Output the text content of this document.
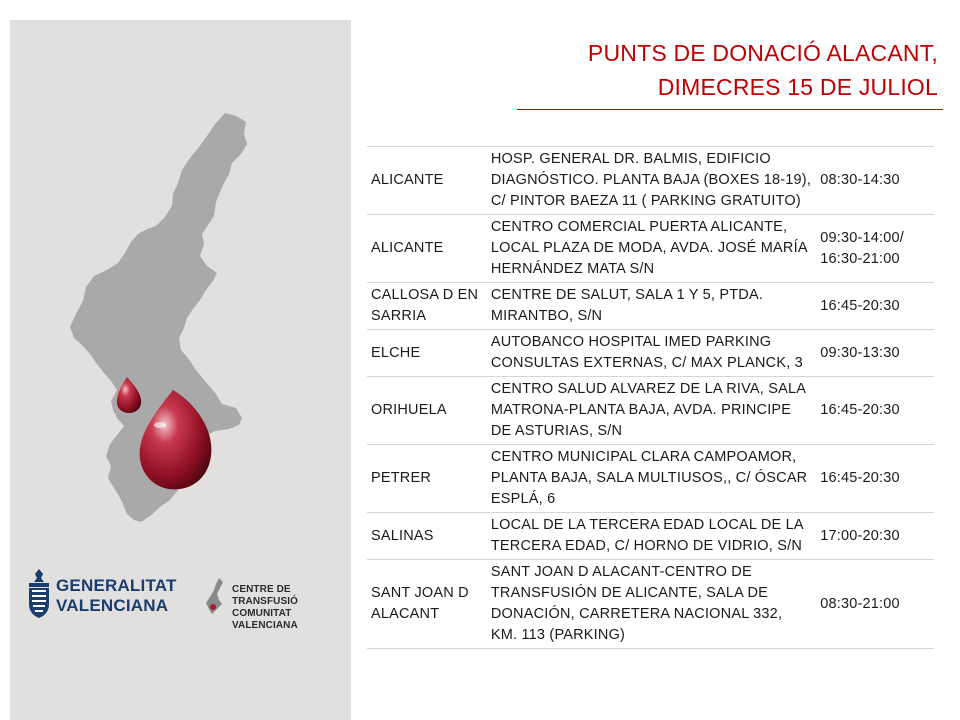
GENERALITAT
VALENCIANA
CENTRE DE TRANSFUSIÓ
COMUNITAT VALENCIANA
PUNTS DE DONACIÓ ALACANT,
DIMECRES 15 DE JULIOL
ALICANTE	HOSP. GENERAL DR. BALMIS, EDIFICIO DIAGNÓSTICO. PLANTA BAJA (BOXES 18-19), C/ PINTOR BAEZA 11 ( PARKING GRATUITO)	08:30-14:30
ALICANTE	CENTRO COMERCIAL PUERTA ALICANTE, LOCAL PLAZA DE MODA, AVDA. JOSÉ MARÍA HERNÁNDEZ MATA S/N	09:30-14:00/ 16:30-21:00
CALLOSA D EN SARRIA	CENTRE DE SALUT, SALA 1 Y 5, PTDA. MIRANTBO, S/N	16:45-20:30
ELCHE	AUTOBANCO HOSPITAL IMED PARKING CONSULTAS EXTERNAS, C/ MAX PLANCK, 3	09:30-13:30
ORIHUELA	CENTRO SALUD ALVAREZ DE LA RIVA, SALA MATRONA-PLANTA BAJA, AVDA. PRINCIPE DE ASTURIAS, S/N	16:45-20:30
PETRER	CENTRO MUNICIPAL CLARA CAMPOAMOR, PLANTA BAJA, SALA MULTIUSOS,, C/ ÓSCAR ESPLÁ, 6	16:45-20:30
SALINAS	LOCAL DE LA TERCERA EDAD LOCAL DE LA TERCERA EDAD, C/ HORNO DE VIDRIO, S/N	17:00-20:30
SANT JOAN D ALACANT	SANT JOAN D ALACANT-CENTRO DE TRANSFUSIÓN DE ALICANTE, SALA DE DONACIÓN, CARRETERA NACIONAL 332, KM. 113 (PARKING)	08:30-21:00
